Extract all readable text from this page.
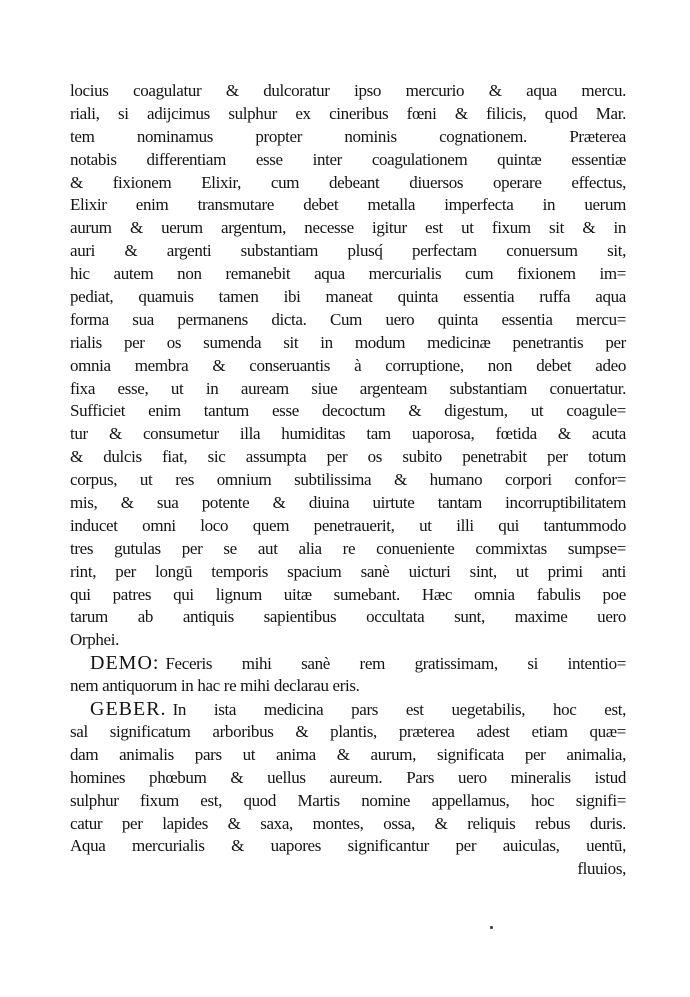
locius coagulatur & dulcoratur ipso mercurio & aqua mercu.
riali, si adijcimus sulphur ex cineribus fœni & filicis, quod Mar.
tem nominamus propter nominis cognationem. Præterea
notabis differentiam esse inter coagulationem quintæ essentiæ
& fixionem Elixir, cum debeant diuersos operare effectus,
Elixir enim transmutare debet metalla imperfecta in uerum
aurum & uerum argentum, necesse igitur est ut fixum sit & in
auri & argenti substantiam plusq́ perfectam conuersum sit,
hic autem non remanebit aqua mercurialis cum fixionem im=
pediat, quamuis tamen ibi maneat quinta essentia ruffa aqua
forma sua permanens dicta. Cum uero quinta essentia mercu=
rialis per os sumenda sit in modum medicinæ penetrantis per
omnia membra & conseruantis à corruptione, non debet adeo
fixa esse, ut in auream siue argenteam substantiam conuertatur.
Sufficiet enim tantum esse decoctum & digestum, ut coagule=
tur & consumetur illa humiditas tam uaporosa, fœtida & acuta
& dulcis fiat, sic assumpta per os subito penetrabit per totum
corpus, ut res omnium subtilissima & humano corpori confor=
mis, & sua potente & diuina uirtute tantam incorruptibilitatem
inducet omni loco quem penetrauerit, ut illi qui tantummodo
tres gutulas per se aut alia re conueniente commixtas sumpse=
rint, per longū temporis spacium sanè uicturi sint, ut primi anti
qui patres qui lignum uitæ sumebant. Hæc omnia fabulis poe
tarum ab antiquis sapientibus occultata sunt, maxime uero
Orphei.
DEMO: Feceris mihi sanè rem gratissimam, si intentio=
nem antiquorum in hac re mihi declarau eris.
GEBER. In ista medicina pars est uegetabilis, hoc est,
sal significatum arboribus & plantis, præterea adest etiam quæ=
dam animalis pars ut anima & aurum, significata per animalia,
homines phœbum & uellus aureum. Pars uero mineralis istud
sulphur fixum est, quod Martis nomine appellamus, hoc signifi=
catur per lapides & saxa, montes, ossa, & reliquis rebus duris.
Aqua mercurialis & uapores significantur per auiculas, uentū,
fluuios,
